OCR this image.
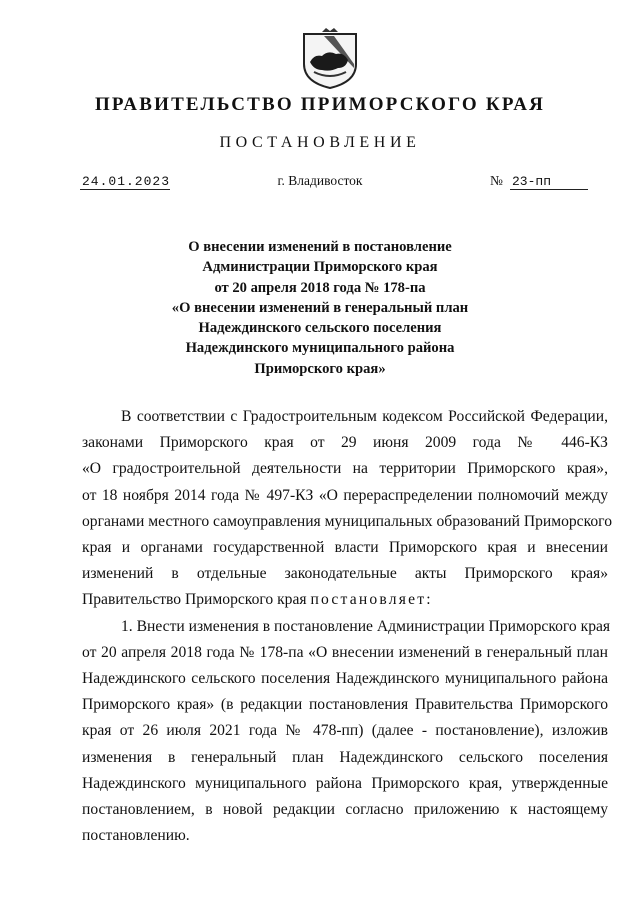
ПРАВИТЕЛЬСТВО ПРИМОРСКОГО КРАЯ
ПОСТАНОВЛЕНИЕ
24.01.2023	г. Владивосток	№ 23-пп
О внесении изменений в постановление
Администрации Приморского края
от 20 апреля 2018 года № 178-па
«О внесении изменений в генеральный план
Надеждинского сельского поселения
Надеждинского муниципального района
Приморского края»

В соответствии с Градостроительным кодексом Российской Федерации,
законами Приморского края от 29 июня 2009 года № 446-КЗ
«О градостроительной деятельности на территории Приморского края»,
от 18 ноября 2014 года № 497-КЗ «О перераспределении полномочий между
органами местного самоуправления муниципальных образований Приморского
края и органами государственной власти Приморского края и внесении
изменений в отдельные законодательные акты Приморского края»
Правительство Приморского края постановляет:

1. Внести изменения в постановление Администрации Приморского края
от 20 апреля 2018 года № 178-па «О внесении изменений в генеральный план
Надеждинского сельского поселения Надеждинского муниципального района
Приморского края» (в редакции постановления Правительства Приморского
края от 26 июля 2021 года № 478-пп) (далее - постановление), изложив
изменения в генеральный план Надеждинского сельского поселения
Надеждинского муниципального района Приморского края, утвержденные
постановлением, в новой редакции согласно приложению к настоящему
постановлению.
